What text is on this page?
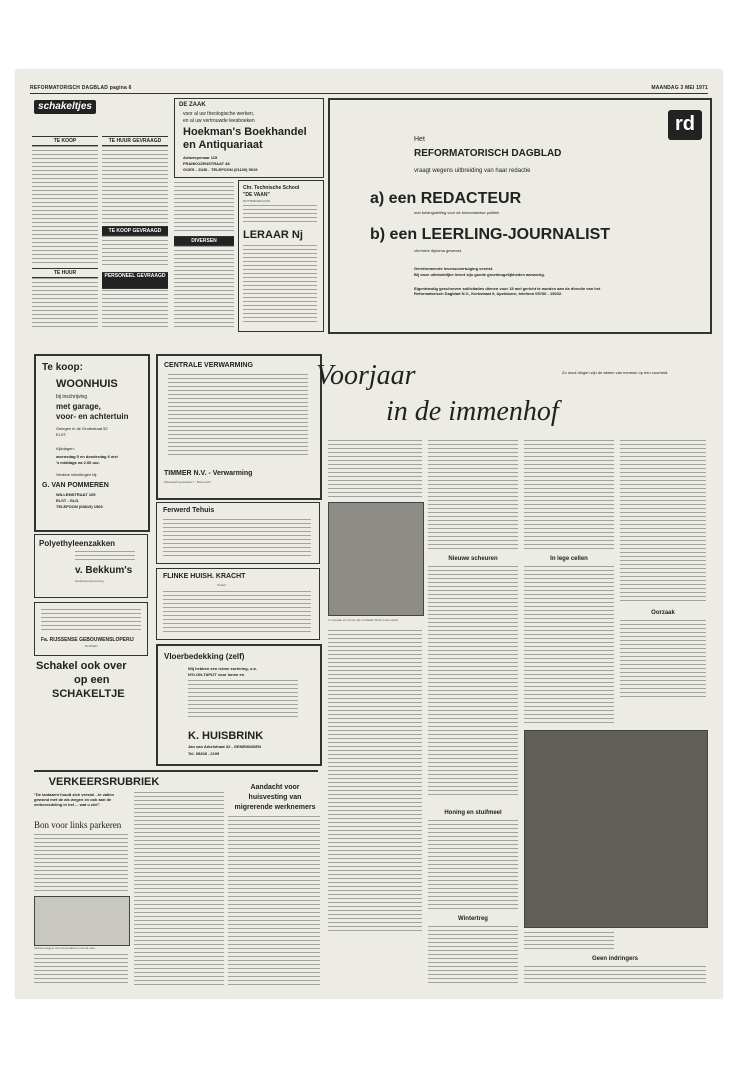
REFORMATORISCH DAGBLAD pagina 6	MAANDAG 3 MEI 1971
schakeltjes
TE KOOP
TE HUUR
TE HUUR GEVRAAGD
TE KOOP GEVRAAGD
PERSONEEL GEVRAAGD
DIVERSEN
DE ZAAK
voor al uw theologische werken,
en al uw vertrouwde leesboeken
Hoekman's Boekhandel
en Antiquariaat
Antwerpenaar 115
FRANKOZENSTRAAT 48
GOES - ZUID - TELEFOON (01100) 5019
Chr. Technische School
"DE VAAN"
ROTTERDAM-ZUID
LERAAR Nj
rd
Het
REFORMATORISCH DAGBLAD
vraagt wegens uitbreiding van haar redactie
a) een REDACTEUR
met belangstelling voor de binnenlandse politiek
b) een LEERLING-JOURNALIST
chr/mere diploma gewenst.
Gereformeerde levensovertuiging vereist.
Bij onze uiteindelijke levert zijn goede groeimogelijkheden aanwezig.
Eigenhandig geschreven sollicitaties dienen voor 15 mei gericht te worden aan de directie van het Reformatorisch Dagblad N.V., Kerkstraat 9, Apeldoorn, telefoon 05760 - 15202.
Te koop:
WOONHUIS
bij inschrijving
met garage,
voor- en achtertuin
Gelegen in de Grotestraat 52
ELST.
Kijkdagen:
woensdag 5 en donderdag 6 mei
's middags na 2.00 uur.
Verdere inlichtingen bij:
G. VAN POMMEREN
WILLEMSTRAAT 105
ELST - GLD.
TELEFOON (08819) 1560
Polyethyleenzakken
v. Bekkum's
Handelsonderneming
Fa. RIJSSENSE GEBOUWENSLOPERIJ
RIJSSEN
Schakel ook over
op een
SCHAKELTJE
CENTRALE VERWARMING
TIMMER N.V. - Verwarming
Wesselerhuyssstraat 7 - Barneveld
Ferwerd Tehuis
FLINKE HUISH. KRACHT
Onbelt
Vloerbedekking (zelf)
Wij hebben een ruime sortering, o.a.
NYLON-TAPIJT voor lonen en
K. HUISBRINK
Jan van Arkelstraat 32 - GENEMUIDEN
Tel. 05208 - 2109
Voorjaar
in de immenhof
Zo mooi dingen zijn de abeen van mensen op een voorheid.
In voorjaar en zomer zijn verhaald hecht in de natuur.
Nieuwe scheuren	In lege cellen
Oorzaak
Honing en stuifmeel
Wintertreg
Geen indringers
VERKEERSRUBRIEK
"De lantaarnt houdt zich verstol - te vallen gewond met de als wegen en ook aan de verkeersdeling in het ... wat u ziet".
Bon voor links parkeren
Verkeersregels voor het parkeren met de auto.
Aandacht voor
huisvesting van
migrerende werknemers
